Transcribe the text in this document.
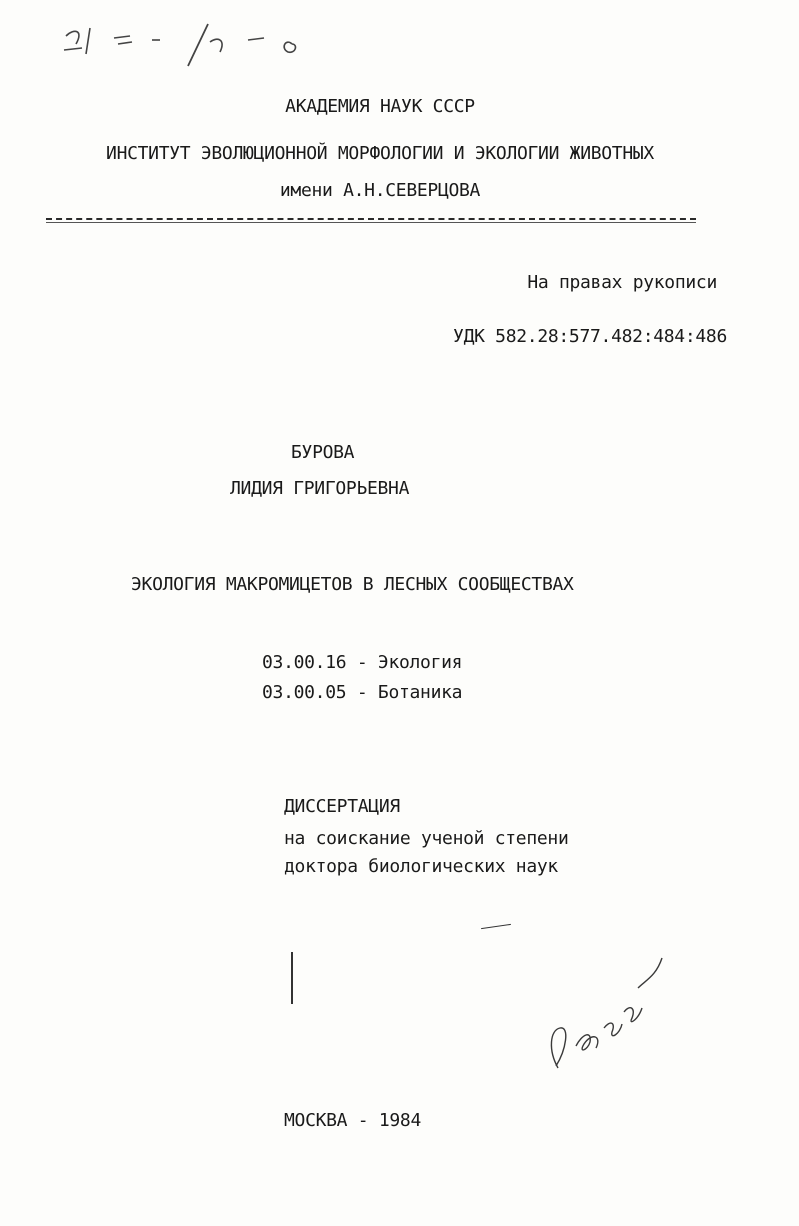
АКАДЕМИЯ НАУК СССР
ИНСТИТУТ ЭВОЛЮЦИОННОЙ МОРФОЛОГИИ И ЭКОЛОГИИ ЖИВОТНЫХ
имени А.Н.СЕВЕРЦОВА
На правах рукописи
УДК 582.28:577.482:484:486
БУРОВА
ЛИДИЯ ГРИГОРЬЕВНА
ЭКОЛОГИЯ МАКРОМИЦЕТОВ В ЛЕСНЫХ СООБЩЕСТВАХ
03.00.16 - Экология
03.00.05 - Ботаника
ДИССЕРТАЦИЯ
на соискание ученой степени
доктора биологических наук
МОСКВА - 1984
